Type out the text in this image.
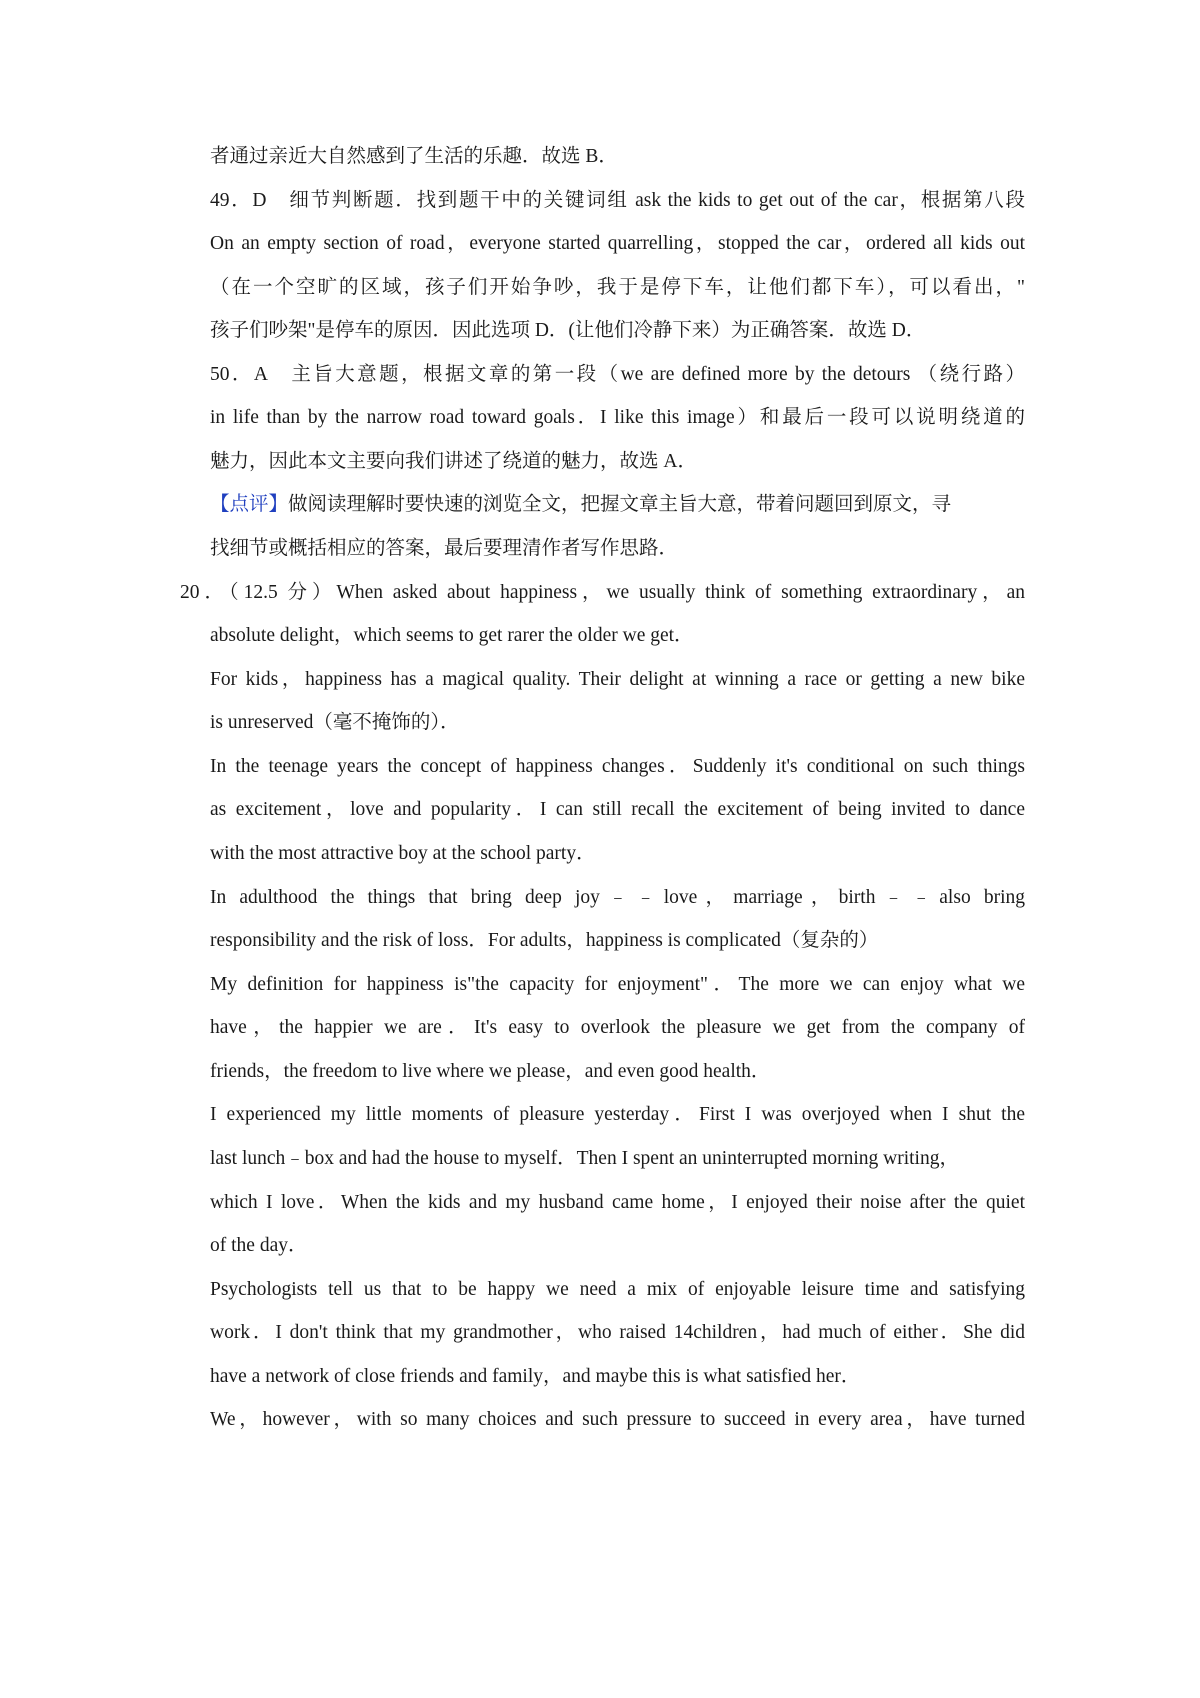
者通过亲近大自然感到了生活的乐趣．故选 B．
49．D　细节判断题．找到题干中的关键词组 ask the kids to get out of the car，根据第八段
On an empty section of road，everyone started quarrelling，stopped the car，ordered all kids out
（在一个空旷的区域，孩子们开始争吵，我于是停下车，让他们都下车），可以看出，"
孩子们吵架"是停车的原因．因此选项 D．(让他们冷静下来）为正确答案．故选 D．
50．A　主旨大意题，根据文章的第一段（we are defined more by the detours （绕行路）
in life than by the narrow road toward goals．I like this image）和最后一段可以说明绕道的
魅力，因此本文主要向我们讲述了绕道的魅力，故选 A．
【点评】做阅读理解时要快速的浏览全文，把握文章主旨大意，带着问题回到原文，寻
找细节或概括相应的答案，最后要理清作者写作思路．
20．（12.5 分）When asked about happiness，we usually think of something extraordinary，an
absolute delight，which seems to get rarer the older we get．
For kids，happiness has a magical quality. Their delight at winning a race or getting a new bike
is unreserved（毫不掩饰的）．
In the teenage years the concept of happiness changes．Suddenly it's conditional on such things
as excitement，love and popularity．I can still recall the excitement of being invited to dance
with the most attractive boy at the school party．
In adulthood the things that bring deep joy﹣﹣love，marriage，birth﹣﹣also bring
responsibility and the risk of loss．For adults，happiness is complicated（复杂的）
My definition for happiness is"the capacity for enjoyment"．The more we can enjoy what we
have，the happier we are．It's easy to overlook the pleasure we get from the company of
friends，the freedom to live where we please，and even good health．
I experienced my little moments of pleasure yesterday．First I was overjoyed when I shut the
last lunch﹣box and had the house to myself．Then I spent an uninterrupted morning writing，
which I love．When the kids and my husband came home，I enjoyed their noise after the quiet
of the day．
Psychologists tell us that to be happy we need a mix of enjoyable leisure time and satisfying
work．I don't think that my grandmother，who raised 14children，had much of either．She did
have a network of close friends and family，and maybe this is what satisfied her．
We，however，with so many choices and such pressure to succeed in every area，have turned
